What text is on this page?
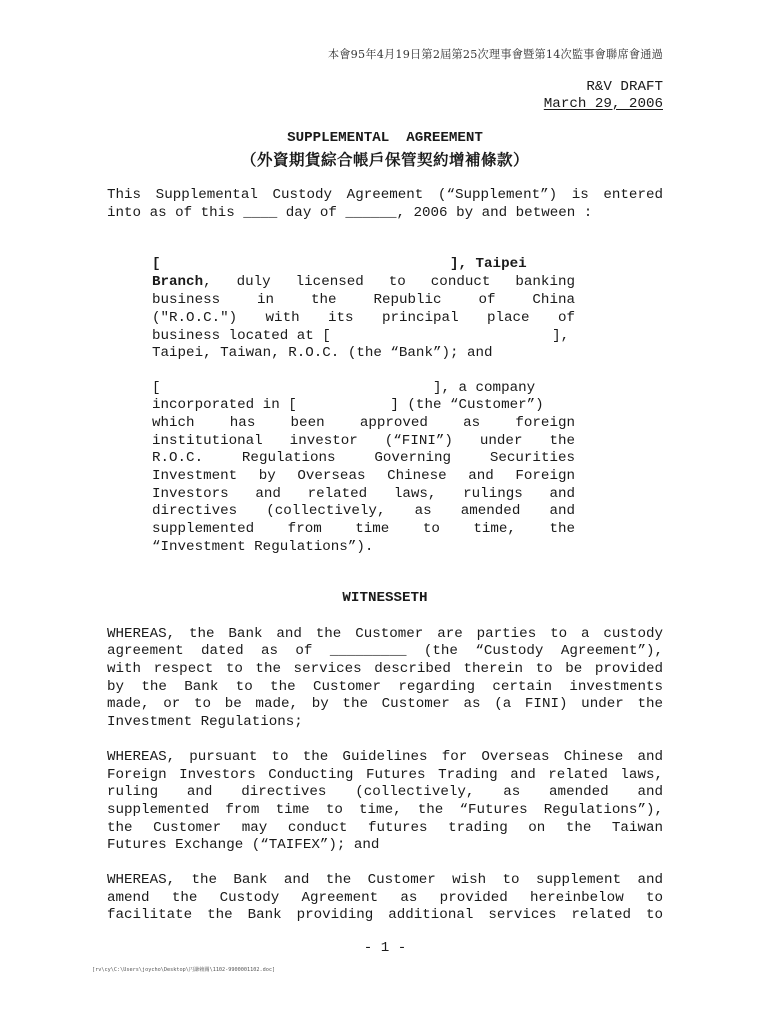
本會95年4月19日第2屆第25次理事會暨第14次監事會聯席會通過
R&V DRAFT
March 29, 2006
SUPPLEMENTAL  AGREEMENT
（外資期貨綜合帳戶保管契約增補條款）
This Supplemental Custody Agreement (“Supplement”) is entered
into as of this ____ day of ______, 2006 by and between :
[                                  ], Taipei
Branch, duly licensed to conduct banking
business in the Republic of China
("R.O.C.") with its principal place of
business located at [                          ],
Taipei, Taiwan, R.O.C. (the “Bank”); and
[                                ], a company
incorporated in [           ] (the “Customer”)
which has been approved as foreign
institutional investor (“FINI”) under the
R.O.C. Regulations Governing Securities
Investment by Overseas Chinese and Foreign
Investors and related laws, rulings and
directives (collectively, as amended and
supplemented from time to time, the
“Investment Regulations”).
WITNESSETH
WHEREAS, the Bank and the Customer are parties to a custody
agreement dated as of _________ (the “Custody Agreement”),
with respect to the services described therein to be provided
by the Bank to the Customer regarding certain investments
made, or to be made, by the Customer as (a FINI) under the
Investment Regulations;
WHEREAS, pursuant to the Guidelines for Overseas Chinese and
Foreign Investors Conducting Futures Trading and related laws,
ruling and directives (collectively, as amended and
supplemented from time to time, the “Futures Regulations”),
the Customer may conduct futures trading on the Taiwan
Futures Exchange (“TAIFEX”); and
WHEREAS, the Bank and the Customer wish to supplement and
amend the Custody Agreement as provided hereinbelow to
facilitate the Bank providing additional services related to
- 1 -
[rv\cy\C:\Users\joycho\Desktop\円謙賴關\1102-9900001102.doc]
